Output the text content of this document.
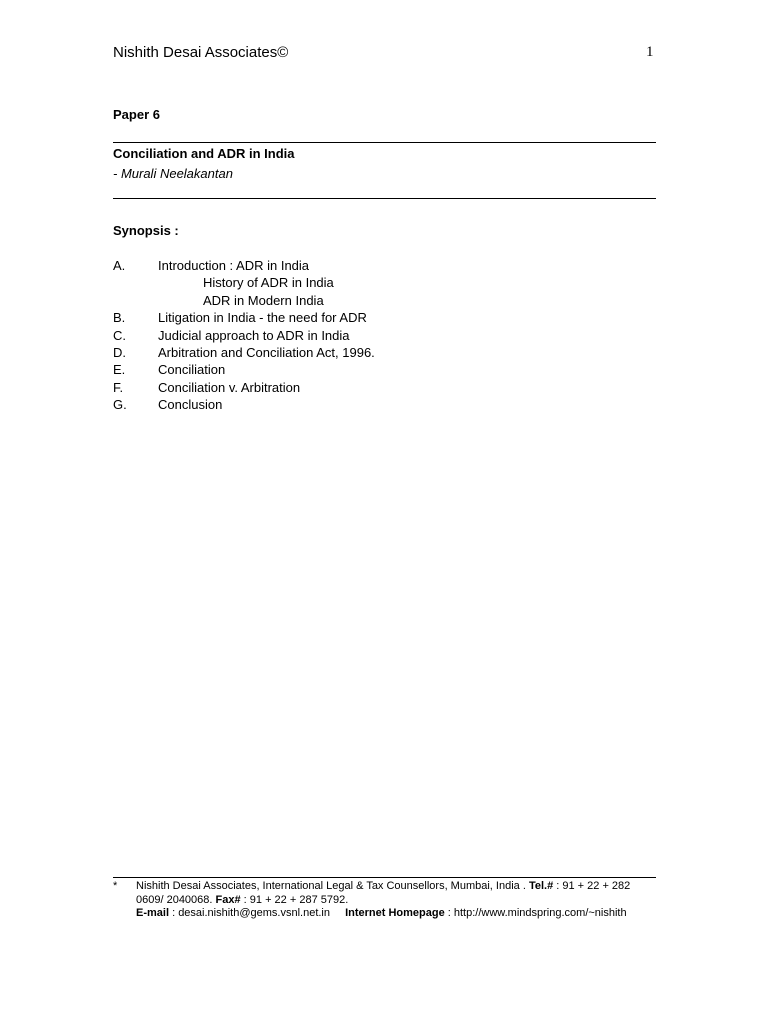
Nishith Desai Associates©	1
Paper 6
Conciliation and ADR in India
- Murali Neelakantan
Synopsis :
A.	Introduction : ADR in India
History of ADR in India
ADR in Modern India
B.	Litigation in India - the need for ADR
C. Judicial approach to ADR in India
D. Arbitration and Conciliation Act, 1996.
E.	Conciliation
F.	Conciliation v. Arbitration
G. Conclusion
* Nishith Desai Associates, International Legal & Tax Counsellors, Mumbai, India . Tel.# : 91 + 22 + 282
0609/ 2040068. Fax# : 91 + 22 + 287 5792.
E-mail : desai.nishith@gems.vsnl.net.in Internet Homepage : http://www.mindspring.com/~nishith
